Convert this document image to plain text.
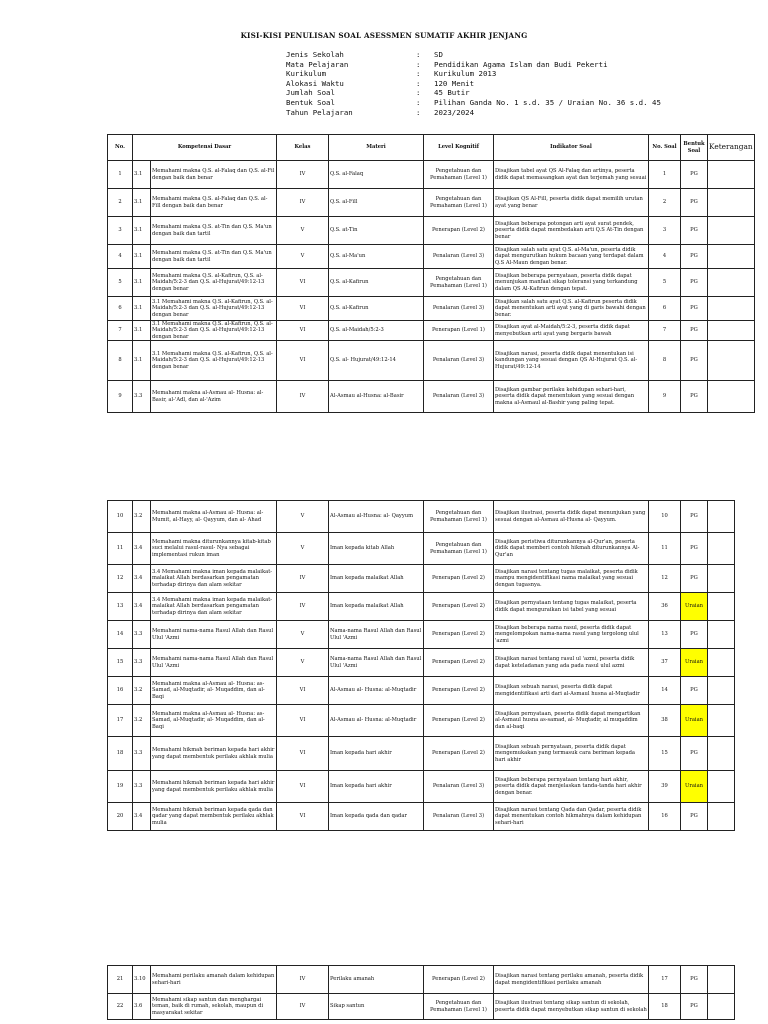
KISI-KISI PENULISAN SOAL ASESSMEN SUMATIF AKHIR JENJANG
Jenis Sekolah	:	SD
Mata Pelajaran	:	Pendidikan Agama Islam dan Budi Pekerti
Kurikulum	:	Kurikulum 2013
Alokasi Waktu	:	120 Menit
Jumlah Soal	:	45 Butir
Bentuk Soal	:	Pilihan Ganda No. 1 s.d. 35 / Uraian No. 36 s.d. 45
Tahun Pelajaran	:	2023/2024
No.	Kompetensi Dasar		Kelas	Materi	Level Kognitif	Indikator Soal	No. Soal	Bentuk Soal	Keterangan
1	3.1	Memahami makna Q.S. al-Falaq dan Q.S. al-Fil dengan baik dan benar	IV	Q.S. al-Falaq	Pengetahuan dan Pemahaman (Level 1)	Disajikan tabel ayat QS Al-Falaq dan artinya, peserta didik dapat memasangkan ayat dan terjemah yang sesuai	1	PG	
2	3.1	Memahami makna Q.S. al-Falaq dan Q.S. al-Fill dengan baik dan benar	IV	Q.S. al-Fill	Pengetahuan dan Pemahaman (Level 1)	Disajikan QS Al-Fill, peserta didik dapat memilih urutan ayat yang benar	2	PG	
3	3.1	Memahami makna Q.S. at-Tin dan Q.S. Ma'un dengan baik dan tartil	V	Q.S. at-Tin	Penerapan (Level 2)	Disajikan beberapa potongan arti ayat surat pendek, peserta didik dapat membedakan arti Q.S At-Tin dengan benar	3	PG	
4	3.1	Memahami makna Q.S. at-Tin dan Q.S. Ma'un dengan baik dan tartil	V	Q.S. al-Ma'un	Penalaran (Level 3)	Disajikan salah satu ayat Q.S. al-Ma'un, peserta didik dapat mengurutkan hukum bacaan yang terdapat dalam Q.S Al-Maun dengan benar.	4	PG	
5	3.1	Memahami makna Q.S. al-Kafirun, Q.S. al-Maidah/5:2-3 dan Q.S. al-Hujurat/49:12-13 dengan benar	VI	Q.S. al-Kafirun	Pengetahuan dan Pemahaman (Level 1)	Disajikan beberapa pernyataan, peserta didik dapat menunjukan manfaat sikap toleransi yang terkandung dalam QS Al-Kafirun dengan tepat.	5	PG	
6	3.1	3.1 Memahami makna Q.S. al-Kafirun, Q.S. al-Maidah/5:2-3 dan Q.S. al-Hujurat/49:12-13 dengan benar	VI	Q.S. al-Kafirun	Penalaran (Level 3)	Disajikan salah satu ayat Q.S. al-Kafirun peserta didik dapat menentukan arti ayat yang di garis bawahi dengan benar.	6	PG	
7	3.1	3.1 Memahami makna Q.S. al-Kafirun, Q.S. al-Maidah/5:2-3 dan Q.S. al-Hujurat/49:12-13 dengan benar	VI	Q.S. al-Maidah/5:2-3	Penerapan (Level 1)	Disajikan ayat al-Maidah/5:2-3, peserta didik dapat menyebutkan arti ayat yang bergaris bawah	7	PG	
8	3.1	3.1 Memahami makna Q.S. al-Kafirun, Q.S. al-Maidah/5:2-3 dan Q.S. al-Hujurat/49:12-13 dengan benar	VI	Q.S. al- Hujurat/49:12-14	Penalaran (Level 3)	Disajikan narasi, peserta didik dapat menentukan isi kandungan yang sesuai dengan QS Al-Hujurat Q.S. al- Hujurat/49:12-14	8	PG	
9	3.3	Memahami makna al-Asmau al- Husna: al-Basir, al-'Adl, dan al-'Azim	IV	Al-Asmau al-Husna: al-Basir	Penalaran (Level 3)	Disajikan gambar perilaku kehidupan sehari-hari, peserta didik dapat menentukan yang sesuai dengan makna al-Asmaul al-Bashir yang paling tepat.	9	PG	
10	3.2	Memahami makna al-Asmau al- Husna: al-Mumit, al-Hayy, al- Qayyum, dan al- Ahad	V	Al-Asmau al-Husna: al- Qayyum	Pengetahuan dan Pemahaman (Level 1)	Disajikan ilustrasi, peserta didik dapat menunjukan yang sesuai dengan al-Asmau al-Husna al- Qayyum.	10	PG	
11	3.4	Memahami makna diturunkannya kitab-kitab suci melalui rasul-rasul- Nya sebagai implementasi rukun iman	V	Iman kepada kitab Allah	Pengetahuan dan Pemahaman (Level 1)	Disajikan peristiwa diturunkannya al-Qur'an, peserta didik dapat memberi contoh hikmah diturunkannya Al-Qur'an	11	PG	
12	3.4	3.4 Memahami makna iman kepada malaikat-malaikat Allah berdasarkan pengamatan terhadap dirinya dan alam sekitar	IV	Iman kepada malaikat Allah	Penerapan (Level 2)	Disajikan narasi tentang tugas malaikat, peserta didik mampu mengidentifikasi nama malaikat yang sesuai dengan tugasnya.	12	PG	
13	3.4	3.4 Memahami makna iman kepada malaikat-malaikat Allah berdasarkan pengamatan terhadap dirinya dan alam sekitar	IV	Iman kepada malaikat Allah	Penerapan (Level 2)	Disajikan pernyataan tentang tugas malaikat, peserta didik dapat menguraikan isi tabel yang sesuai	36	Uraian	
14	3.3	Memahami nama-nama Rasul Allah dan Rasul Ulul 'Azmi	V	Nama-nama Rasul Allah dan Rasul Ulul 'Azmi	Penerapan (Level 2)	Disajikan beberapa nama rasul, peserta didik dapat mengelompokan nama-nama rasul yang tergolong ulul 'azmi	13	PG	
15	3.3	Memahami nama-nama Rasul Allah dan Rasul Ulul 'Azmi	V	Nama-nama Rasul Allah dan Rasul Ulul 'Azmi	Penerapan (Level 2)	Disajikan narasi tentang rasul ul 'azmi, peserta didik dapat keteladanan yang ada pada rasul ulul azmi	37	Uraian	
16	3.2	Memahami makna al-Asmau al- Husna: as-Samad, al-Muqtadir, al- Muqaddim, dan al-Baqi	VI	Al-Asmau al- Husna: al-Muqtadir	Penerapan (Level 2)	Disajikan sebuah narasi, peserta didik dapat mengidentifikasi arti dari al-Asmaul husna al-Muqtadir	14	PG	
17	3.2	Memahami makna al-Asmau al- Husna: as-Samad, al-Muqtadir, al- Muqaddim, dan al-Baqi	VI	Al-Asmau al- Husna: al-Muqtadir	Penerapan (Level 2)	Disajikan pernyataan, peserta didik dapat mengartikan al-Asmaul husna as-samad, al- Muqtadir, al muqaddim dan al-baqi	38	Uraian	
18	3.3	Memahami hikmah beriman kepada hari akhir yang dapat membentuk perilaku akhlak mulia	VI	Iman kepada hari akhir	Penerapan (Level 2)	Disajikan sebuah pernyataan, peserta didik dapat mengemukakan yang termasuk cara beriman kepada hari akhir	15	PG	
19	3.3	Memahami hikmah beriman kepada hari akhir yang dapat membentuk perilaku akhlak mulia	VI	Iman kepada hari akhir	Penalaran (Level 3)	Disajikan beberapa pernyataan tentang hari akhir, peserta didik dapat menjelaskan tanda-tanda hari akhir dengan benar.	39	Uraian	
20	3.4	Memahami hikmah beriman kepada qada dan qadar yang dapat membentuk perilaku akhlak mulia	VI	Iman kepada qada dan qadar	Penalaran (Level 3)	Disajikan narasi tentang Qada dan Qadar, peserta didik dapat menentukan contoh hikmahnya dalam kehidupan sehari-hari	16	PG	
21	3.10	Memahami perilaku amanah dalam kehidupan sehari-hari	IV	Perilaku amanah	Penerapan (Level 2)	Disajikan narasi tentang perilaku amanah, peserta didik dapat mengidentifikasi perilaku amanah	17	PG	
22	3.6	Memahami sikap santun dan menghargai teman, baik di rumah, sekolah, maupun di masyarakat sekitar	IV	Sikap santun	Pengetahuan dan Pemahaman (Level 1)	Disajikan ilustrasi tentang sikap santun di sekolah, peserta didik dapat menyebutkan sikap santun di sekolah	18	PG	
